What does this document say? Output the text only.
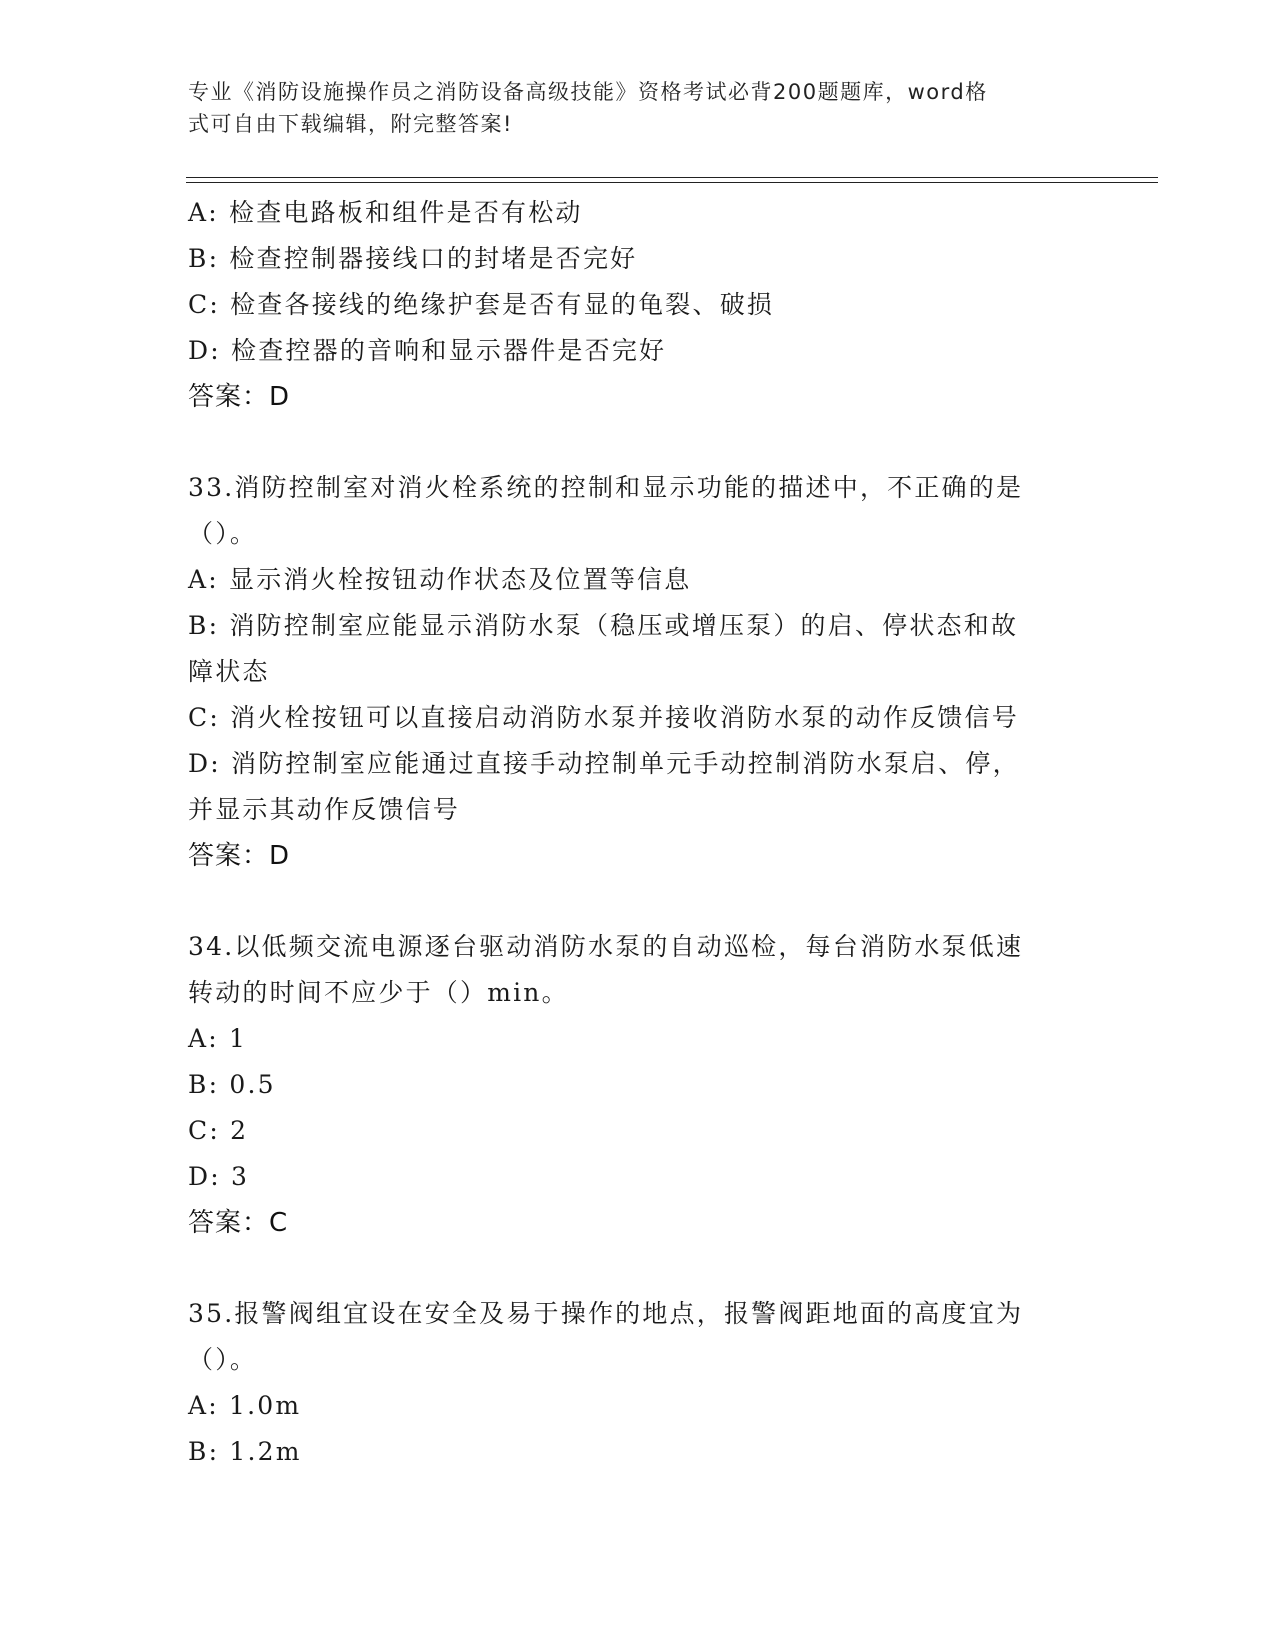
专业《消防设施操作员之消防设备高级技能》资格考试必背200题题库，word格
式可自由下载编辑，附完整答案!
A: 检查电路板和组件是否有松动
B: 检查控制器接线口的封堵是否完好
C: 检查各接线的绝缘护套是否有显的龟裂、破损
D: 检查控器的音响和显示器件是否完好
答案：D
33.消防控制室对消火栓系统的控制和显示功能的描述中，不正确的是
（）。
A: 显示消火栓按钮动作状态及位置等信息
B: 消防控制室应能显示消防水泵（稳压或增压泵）的启、停状态和故
障状态
C: 消火栓按钮可以直接启动消防水泵并接收消防水泵的动作反馈信号
D: 消防控制室应能通过直接手动控制单元手动控制消防水泵启、停，
并显示其动作反馈信号
答案：D
34.以低频交流电源逐台驱动消防水泵的自动巡检，每台消防水泵低速
转动的时间不应少于（）min。
A: 1
B: 0.5
C: 2
D: 3
答案：C
35.报警阀组宜设在安全及易于操作的地点，报警阀距地面的高度宜为
（）。
A: 1.0m
B: 1.2m
